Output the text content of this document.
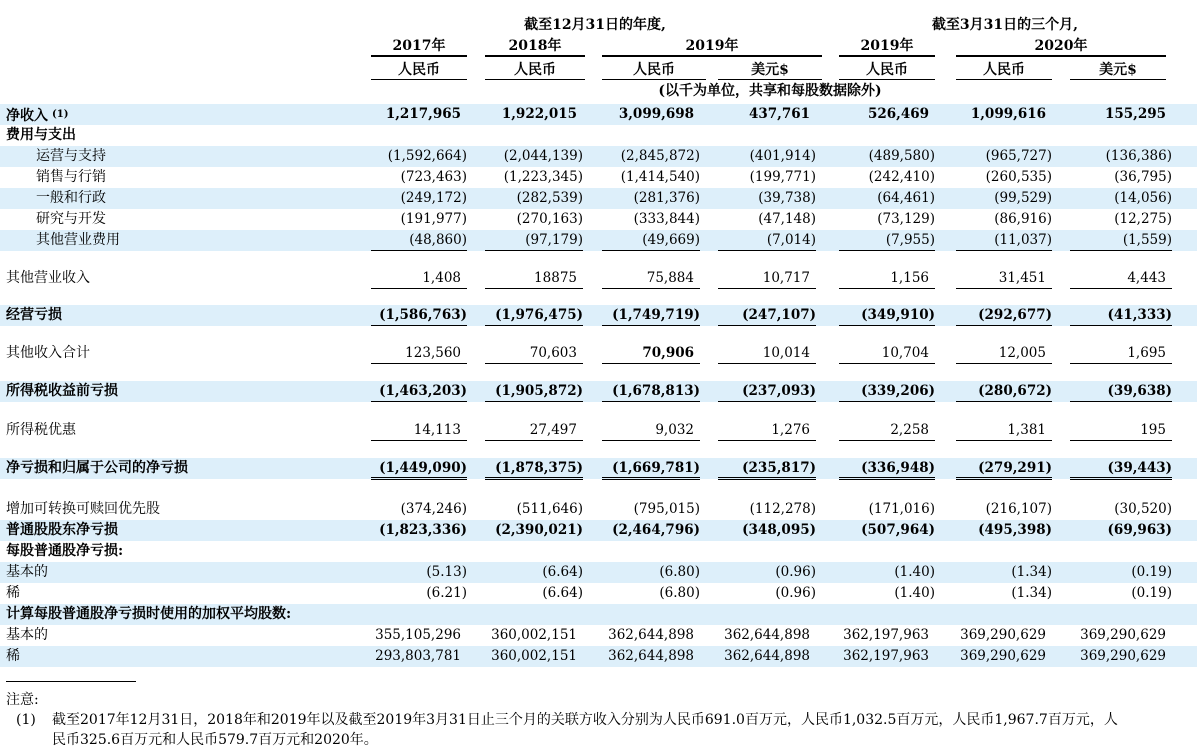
截至12月31日的年度,	截至3月31日的三个月,
2017年	2018年	2019年	2019年	2020年
人民币	人民币	人民币	美元$	人民币	人民币	美元$
(以千为单位，共享和每股数据除外)
净收入 $^{(1)}$	1,217,965	1,922,015	3,099,698	437,761	526,469	1,099,616	155,295
费用与支出
运营与支持	(1,592,664)	(2,044,139)	(2,845,872)	(401,914)	(489,580)	(965,727)	(136,386)
销售与行销	(723,463)	(1,223,345)	(1,414,540)	(199,771)	(242,410)	(260,535)	(36,795)
一般和行政	(249,172)	(282,539)	(281,376)	(39,738)	(64,461)	(99,529)	(14,056)
研究与开发	(191,977)	(270,163)	(333,844)	(47,148)	(73,129)	(86,916)	(12,275)
其他营业费用	(48,860)	(97,179)	(49,669)	(7,014)	(7,955)	(11,037)	(1,559)
其他营业收入	1,408	18875	75,884	10,717	1,156	31,451	4,443
经营亏损	(1,586,763)	(1,976,475)	(1,749,719)	(247,107)	(349,910)	(292,677)	(41,333)
其他收入合计	123,560	70,603	70,906	10,014	10,704	12,005	1,695
所得税收益前亏损	(1,463,203)	(1,905,872)	(1,678,813)	(237,093)	(339,206)	(280,672)	(39,638)
所得税优惠	14,113	27,497	9,032	1,276	2,258	1,381	195
净亏损和归属于公司的净亏损	(1,449,090)	(1,878,375)	(1,669,781)	(235,817)	(336,948)	(279,291)	(39,443)
增加可转换可赎回优先股	(374,246)	(511,646)	(795,015)	(112,278)	(171,016)	(216,107)	(30,520)
普通股股东净亏损	(1,823,336)	(2,390,021)	(2,464,796)	(348,095)	(507,964)	(495,398)	(69,963)
每股普通股净亏损:
基本的	(5.13)	(6.64)	(6.80)	(0.96)	(1.40)	(1.34)	(0.19)
稀	(6.21)	(6.64)	(6.80)	(0.96)	(1.40)	(1.34)	(0.19)
计算每股普通股净亏损时使用的加权平均股数:
基本的	355,105,296	360,002,151	362,644,898	362,644,898	362,197,963	369,290,629	369,290,629
稀	293,803,781	360,002,151	362,644,898	362,644,898	362,197,963	369,290,629	369,290,629
注意:
(1) 截至2017年12月31日，2018年和2019年以及截至2019年3月31日止三个月的关联方收入分别为人民币691.0百万元，人民币1,032.5百万元，人民币1,967.7百万元，人
民币325.6百万元和人民币579.7百万元和2020年。
